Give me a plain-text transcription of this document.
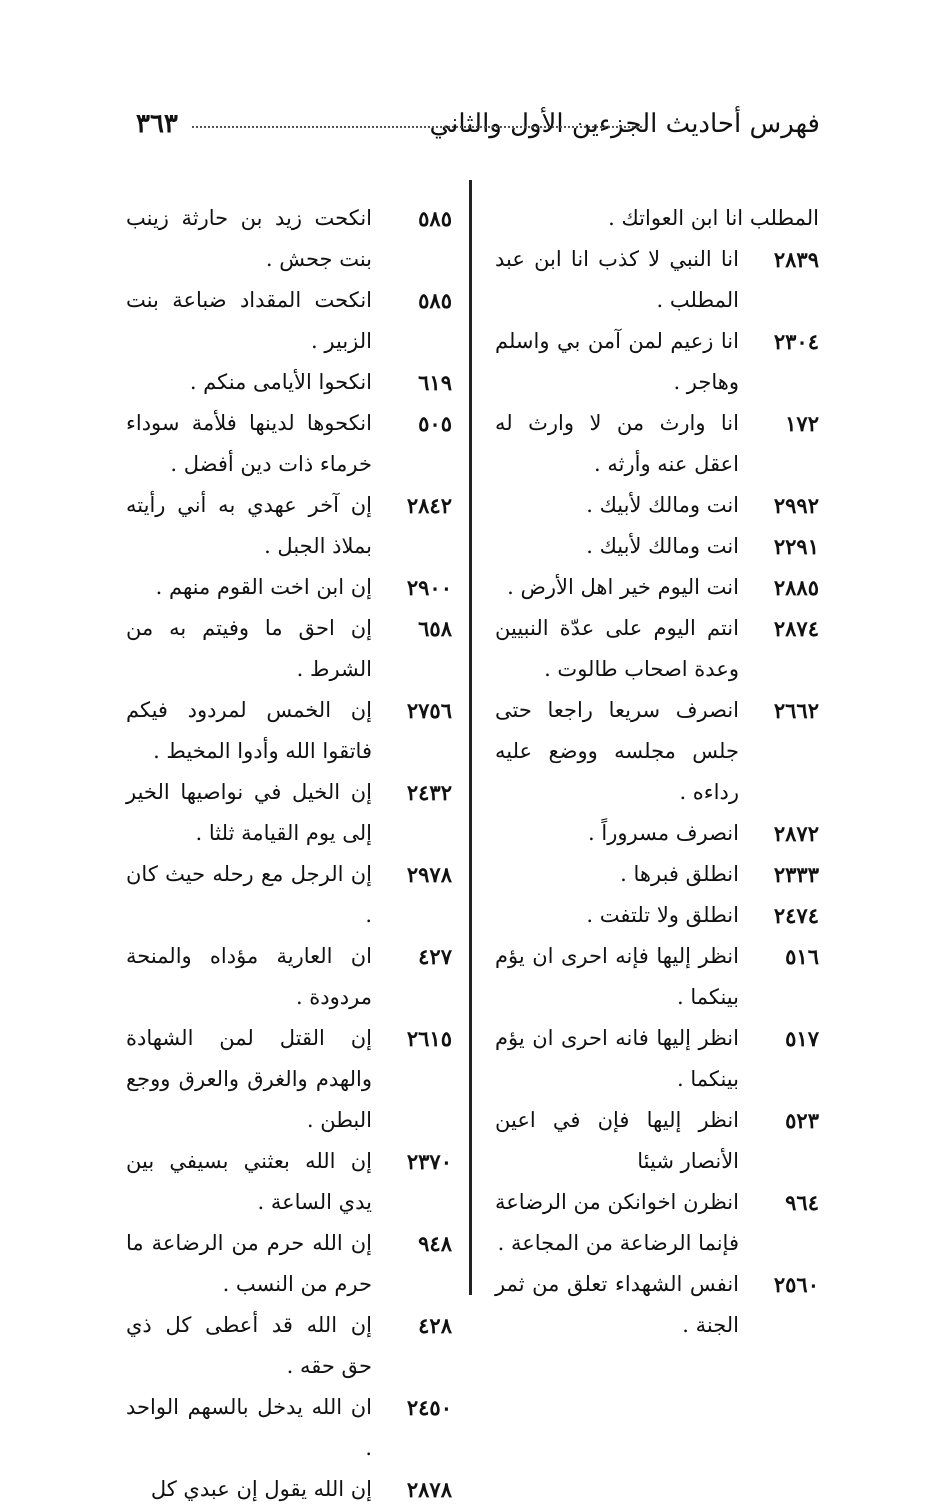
فهرس أحاديث الجزءين الأول والثاني
٣٦٣
المطلب انا ابن العواتك .
٢٨٣٩
انا النبي لا كذب انا ابن عبد المطلب .
٢٣٠٤
انا زعيم لمن آمن بي واسلم وهاجر .
١٧٢
انا وارث من لا وارث له اعقل عنه وأرثه .
٢٩٩٢
انت ومالك لأبيك .
٢٢٩١
انت ومالك لأبيك .
٢٨٨٥
انت اليوم خير اهل الأرض .
٢٨٧٤
انتم اليوم على عدّة النبيين وعدة اصحاب طالوت .
٢٦٦٢
انصرف سريعا راجعا حتى جلس مجلسه ووضع عليه رداءه .
٢٨٧٢
انصرف مسروراً .
٢٣٣٣
انطلق فبرها .
٢٤٧٤
انطلق ولا تلتفت .
٥١٦
انظر إليها فإنه احرى ان يؤم بينكما .
٥١٧
انظر إليها فانه احرى ان يؤم بينكما .
٥٢٣
انظر إليها فإن في اعين الأنصار شيئا
٩٦٤
انظرن اخوانكن من الرضاعة فإنما الرضاعة من المجاعة .
٢٥٦٠
انفس الشهداء تعلق من ثمر الجنة .
٥٨٥
انكحت زيد بن حارثة زينب بنت جحش .
٥٨٥
انكحت المقداد ضباعة بنت الزبير .
٦١٩
انكحوا الأيامى منكم .
٥٠٥
انكحوها لدينها فلأمة سوداء خرماء ذات دين أفضل .
٢٨٤٢
إن آخر عهدي به أني رأيته بملاذ الجبل .
٢٩٠٠
إن ابن اخت القوم منهم .
٦٥٨
إن احق ما وفيتم به من الشرط .
٢٧٥٦
إن الخمس لمردود فيكم فاتقوا الله وأدوا المخيط .
٢٤٣٢
إن الخيل في نواصيها الخير إلى يوم القيامة ثلثا .
٢٩٧٨
إن الرجل مع رحله حيث كان .
٤٢٧
ان العارية مؤداه والمنحة مردودة .
٢٦١٥
إن القتل لمن الشهادة والهدم والغرق والعرق ووجع البطن .
٢٣٧٠
إن الله بعثني بسيفي بين يدي الساعة .
٩٤٨
إن الله حرم من الرضاعة ما حرم من النسب .
٤٢٨
إن الله قد أعطى كل ذي حق حقه .
٢٤٥٠
ان الله يدخل بالسهم الواحد .
٢٨٧٨
إن الله يقول إن عبدي كل
